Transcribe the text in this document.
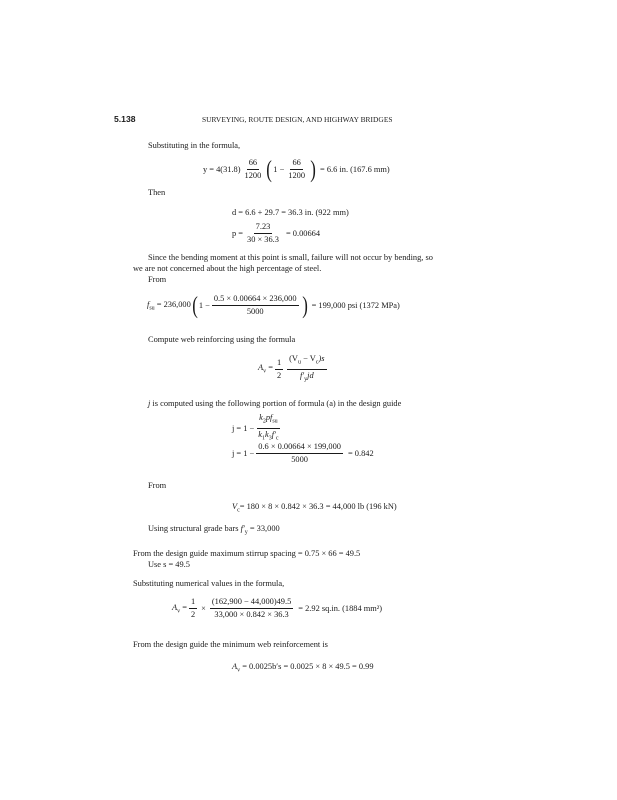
5.138	SURVEYING, ROUTE DESIGN, AND HIGHWAY BRIDGES
Substituting in the formula,
$y = 4(31.8) \frac{66}{1200}$ ( $1 - \frac{66}{1200}$ ) = 6.6 in. (167.6 mm)
Then
d = 6.6 + 29.7 = 36.3 in. (922 mm)
$p = \frac{7.23}{30 \times 36.3} = 0.00664$
Since the bending moment at this point is small, failure will not occur by bending, so
we are not concerned about the high percentage of steel.
From
$f_{su} = 236,000$ ( $1 - \frac{0.5 \times 0.00664 \times 236,000}{5000}$ ) = 199,000 psi (1372 MPa)
Compute web reinforcing using the formula
$A_v = \frac{1}{2} \frac{(V_u - V_c)s}{f'_yjd}$
j is computed using the following portion of formula (a) in the design guide
$j = 1 - \frac{k_2pf_{su}}{k_1k_3f'_c}$
$j = 1 - \frac{0.6 \times 0.00664 \times 199,000}{5000} = 0.842$
From
$V_c= 180 \times 8 \times 0.842 \times 36.3 = 44,000$ lb (196 kN)
Using structural grade bars $f'_y = 33,000$
From the design guide maximum stirrup spacing = 0.75 × 66 = 49.5
Use s = 49.5
Substituting numerical values in the formula,
$A_v = \frac{1}{2} \times \frac{(162,900 - 44,000)49.5}{33,000 \times 0.842 \times 36.3} = 2.92$ sq.in. (1884 mm²)
From the design guide the minimum web reinforcement is
$A_v = 0.0025b's = 0.0025 \times 8 \times 49.5 = 0.99$
